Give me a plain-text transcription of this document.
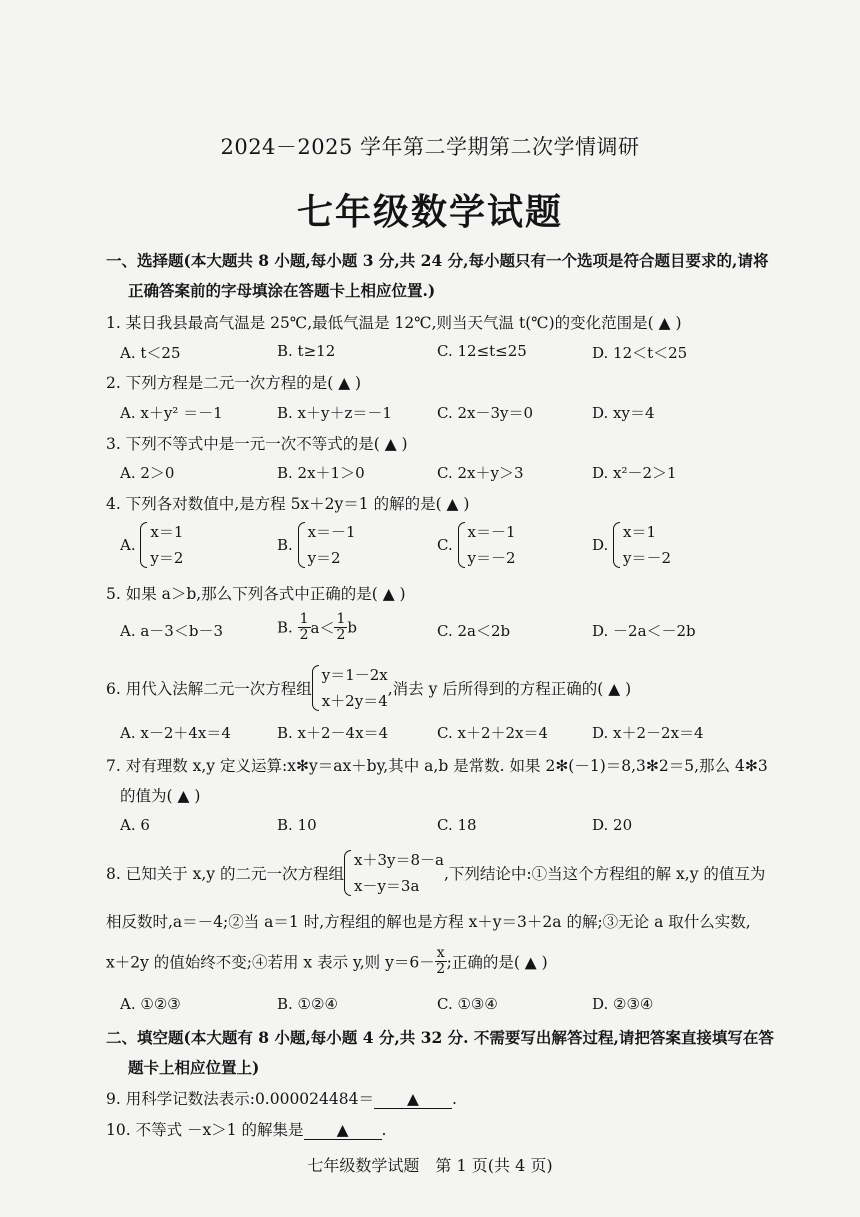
2024－2025 学年第二学期第二次学情调研
七年级数学试题
一、选择题(本大题共 8 小题,每小题 3 分,共 24 分,每小题只有一个选项是符合题目要求的,请将
正确答案前的字母填涂在答题卡上相应位置.)
1. 某日我县最高气温是 25℃,最低气温是 12℃,则当天气温 t(℃)的变化范围是( ▲ )
A. t＜25	B. t≥12	C. 12≤t≤25	D. 12＜t＜25
2. 下列方程是二元一次方程的是( ▲ )
A. x＋y² ＝－1	B. x＋y＋z＝－1	C. 2x－3y＝0	D. xy＝4
3. 下列不等式中是一元一次不等式的是( ▲ )
A. 2＞0	B. 2x＋1＞0	C. 2x＋y＞3	D. x²－2＞1
4. 下列各对数值中,是方程 5x＋2y＝1 的解的是( ▲ )
A.
x＝1
y＝2
B.
x＝－1
y＝2
C.
x＝－1
y＝－2
D.
x＝1
y＝－2
5. 如果 a＞b,那么下列各式中正确的是( ▲ )
A. a－3＜b－3	B. $\frac{1}{2} a< \frac{1}{2}$ b	C. 2a＜2b	D. －2a＜－2b
6. 用代入法解二元一次方程组
y＝1－2x
x＋2y＝4
,消去 y 后所得到的方程正确的( ▲ )
A. x－2＋4x＝4	B. x＋2－4x＝4	C. x＋2＋2x＝4	D. x＋2－2x＝4
7. 对有理数 x,y 定义运算:x✻y＝ax＋by,其中 a,b 是常数. 如果 2✻(－1)＝8,3✻2＝5,那么 4✻3
的值为( ▲ )
A. 6	B. 10	C. 18	D. 20
8. 已知关于 x,y 的二元一次方程组
x＋3y＝8－a
x－y＝3a
,下列结论中:①当这个方程组的解 x,y 的值互为
相反数时,a＝－4;②当 a＝1 时,方程组的解也是方程 x＋y＝3＋2a 的解;③无论 a 取什么实数,
x＋2y 的值始终不变;④若用 x 表示 y,则 $y=6- \frac{x}{2}$ ;正确的是( ▲ )
A. ①②③	B. ①②④	C. ①③④	D. ②③④
二、填空题(本大题有 8 小题,每小题 4 分,共 32 分. 不需要写出解答过程,请把答案直接填写在答
题卡上相应位置上)
9. 用科学记数法表示:0.000024484＝ ▲ .
10. 不等式 －x＞1 的解集是 ▲ .
七年级数学试题　第 1 页(共 4 页)
